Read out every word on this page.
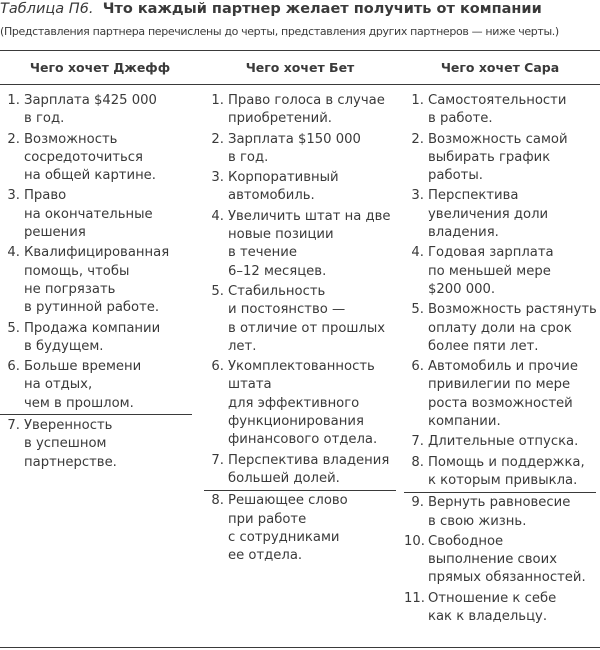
Таблица П6. Что каждый партнер желает получить от компании
(Представления партнера перечислены до черты, представления других партнеров — ниже черты.)
Чего хочет Джефф	Чего хочет Бет	Чего хочет Сара
1. Зарплата $425 000
в год.
2. Возможность
сосредоточиться
на общей картине.
3. Право
на окончательные
решения
4. Квалифицированная
помощь, чтобы
не погрязать
в рутинной работе.
5. Продажа компании
в будущем.
6. Больше времени
на отдых,
чем в прошлом.
7. Уверенность
в успешном
партнерстве.
1. Право голоса в случае
приобретений.
2. Зарплата $150 000
в год.
3. Корпоративный
автомобиль.
4. Увеличить штат на две
новые позиции
в течение
6–12 месяцев.
5. Стабильность
и постоянство —
в отличие от прошлых
лет.
6. Укомплектованность
штата
для эффективного
функционирования
финансового отдела.
7. Перспектива владения
большей долей.
8. Решающее слово
при работе
с сотрудниками
ее отдела.
1. Самостоятельности
в работе.
2. Возможность самой
выбирать график
работы.
3. Перспектива
увеличения доли
владения.
4. Годовая зарплата
по меньшей мере
$200 000.
5. Возможность растянуть
оплату доли на срок
более пяти лет.
6. Автомобиль и прочие
привилегии по мере
роста возможностей
компании.
7. Длительные отпуска.
8. Помощь и поддержка,
к которым привыкла.
9. Вернуть равновесие
в свою жизнь.
10. Свободное
выполнение своих
прямых обязанностей.
11. Отношение к себе
как к владельцу.
